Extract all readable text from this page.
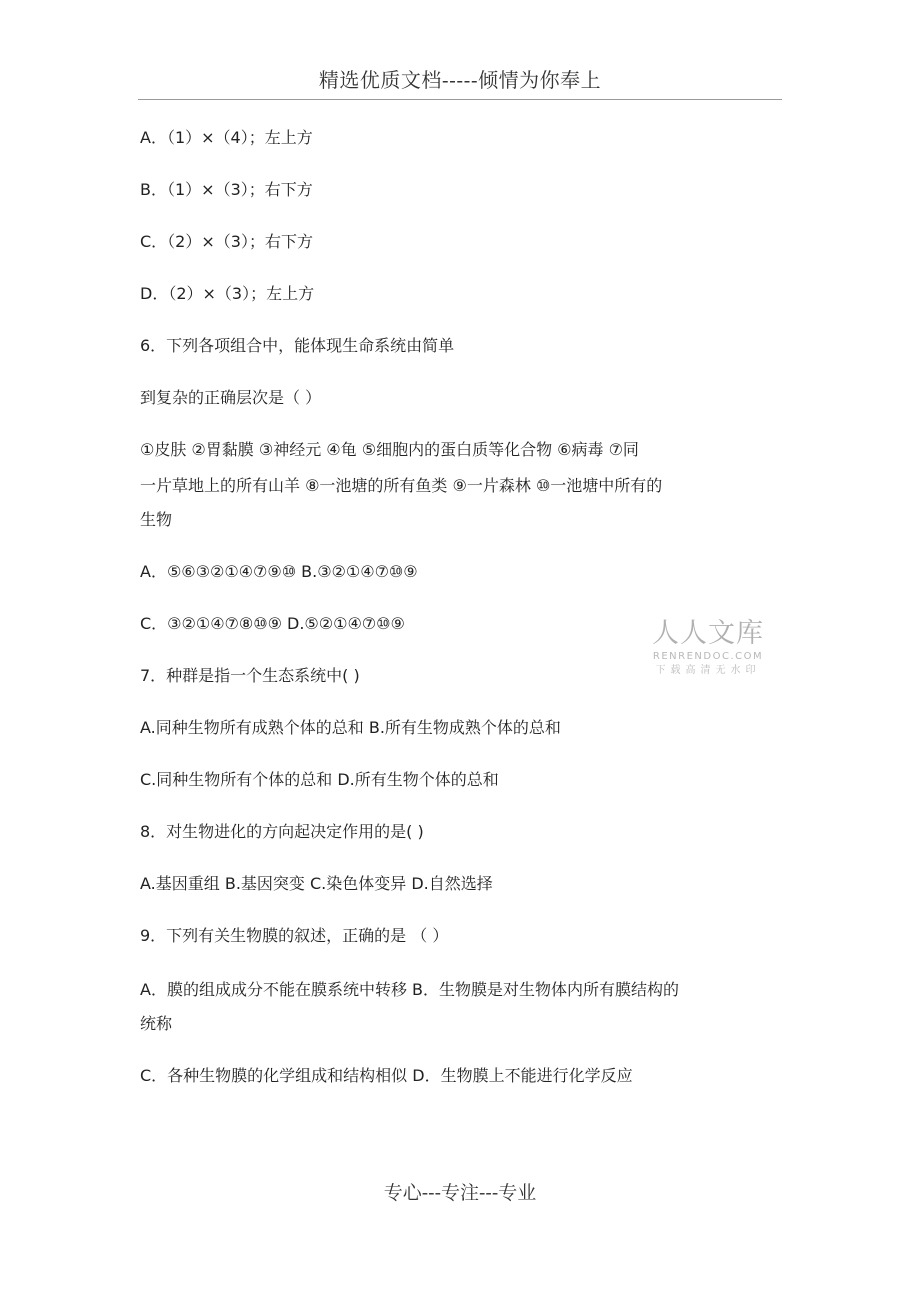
精选优质文档-----倾情为你奉上
A．（1）×（4）；左上方
B．（1）×（3）；右下方
C．（2）×（3）；右下方
D．（2）×（3）；左上方
6．下列各项组合中，能体现生命系统由简单
到复杂的正确层次是（ ）
①皮肤 ②胃黏膜 ③神经元 ④龟 ⑤细胞内的蛋白质等化合物 ⑥病毒 ⑦同
一片草地上的所有山羊 ⑧一池塘的所有鱼类 ⑨一片森林 ⑩一池塘中所有的
生物
A．⑤⑥③②①④⑦⑨⑩ B.③②①④⑦⑩⑨
C．③②①④⑦⑧⑩⑨ D.⑤②①④⑦⑩⑨
7．种群是指一个生态系统中( )
A.同种生物所有成熟个体的总和 B.所有生物成熟个体的总和
C.同种生物所有个体的总和 D.所有生物个体的总和
8．对生物进化的方向起决定作用的是( )
A.基因重组 B.基因突变 C.染色体变异 D.自然选择
9．下列有关生物膜的叙述，正确的是 （ ）
A．膜的组成成分不能在膜系统中转移 B．生物膜是对生物体内所有膜结构的
统称
C．各种生物膜的化学组成和结构相似 D．生物膜上不能进行化学反应
人人文库
RENRENDOC.COM
下载高清无水印
专心---专注---专业
